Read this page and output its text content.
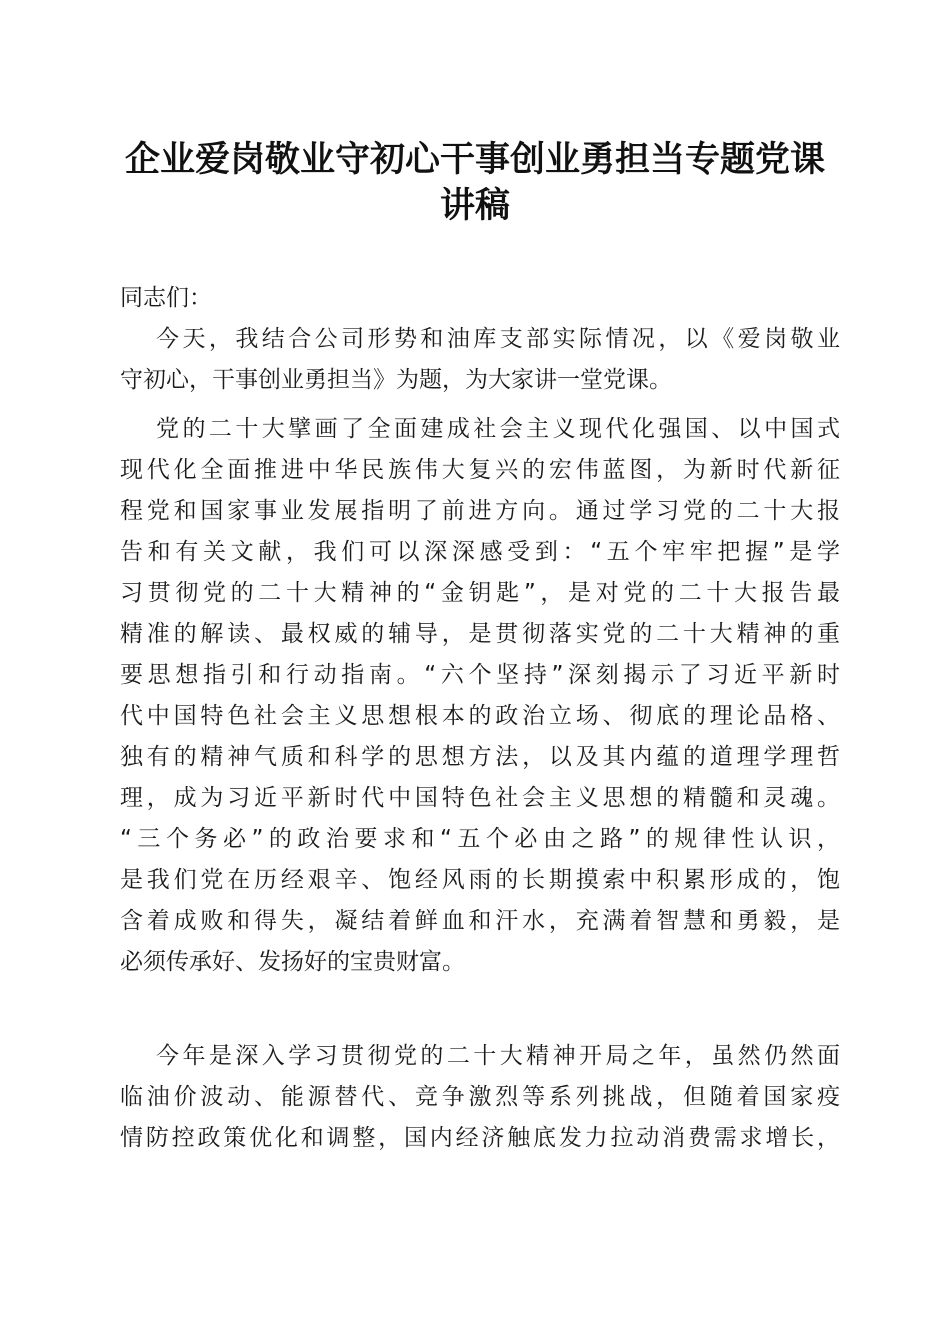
企业爱岗敬业守初心干事创业勇担当专题党课
讲稿

同志们：

今天，我结合公司形势和油库支部实际情况，以《爱岗敬业
守初心，干事创业勇担当》为题，为大家讲一堂党课。
党的二十大擘画了全面建成社会主义现代化强国、以中国式
现代化全面推进中华民族伟大复兴的宏伟蓝图，为新时代新征
程党和国家事业发展指明了前进方向。通过学习党的二十大报
告和有关文献，我们可以深深感受到：“五个牢牢把握”是学
习贯彻党的二十大精神的“金钥匙”，是对党的二十大报告最
精准的解读、最权威的辅导，是贯彻落实党的二十大精神的重
要思想指引和行动指南。“六个坚持”深刻揭示了习近平新时
代中国特色社会主义思想根本的政治立场、彻底的理论品格、
独有的精神气质和科学的思想方法，以及其内蕴的道理学理哲
理，成为习近平新时代中国特色社会主义思想的精髓和灵魂。
“三个务必”的政治要求和“五个必由之路”的规律性认识，
是我们党在历经艰辛、饱经风雨的长期摸索中积累形成的，饱
含着成败和得失，凝结着鲜血和汗水，充满着智慧和勇毅，是
必须传承好、发扬好的宝贵财富。
今年是深入学习贯彻党的二十大精神开局之年，虽然仍然面
临油价波动、能源替代、竞争激烈等系列挑战，但随着国家疫
情防控政策优化和调整，国内经济触底发力拉动消费需求增长，
